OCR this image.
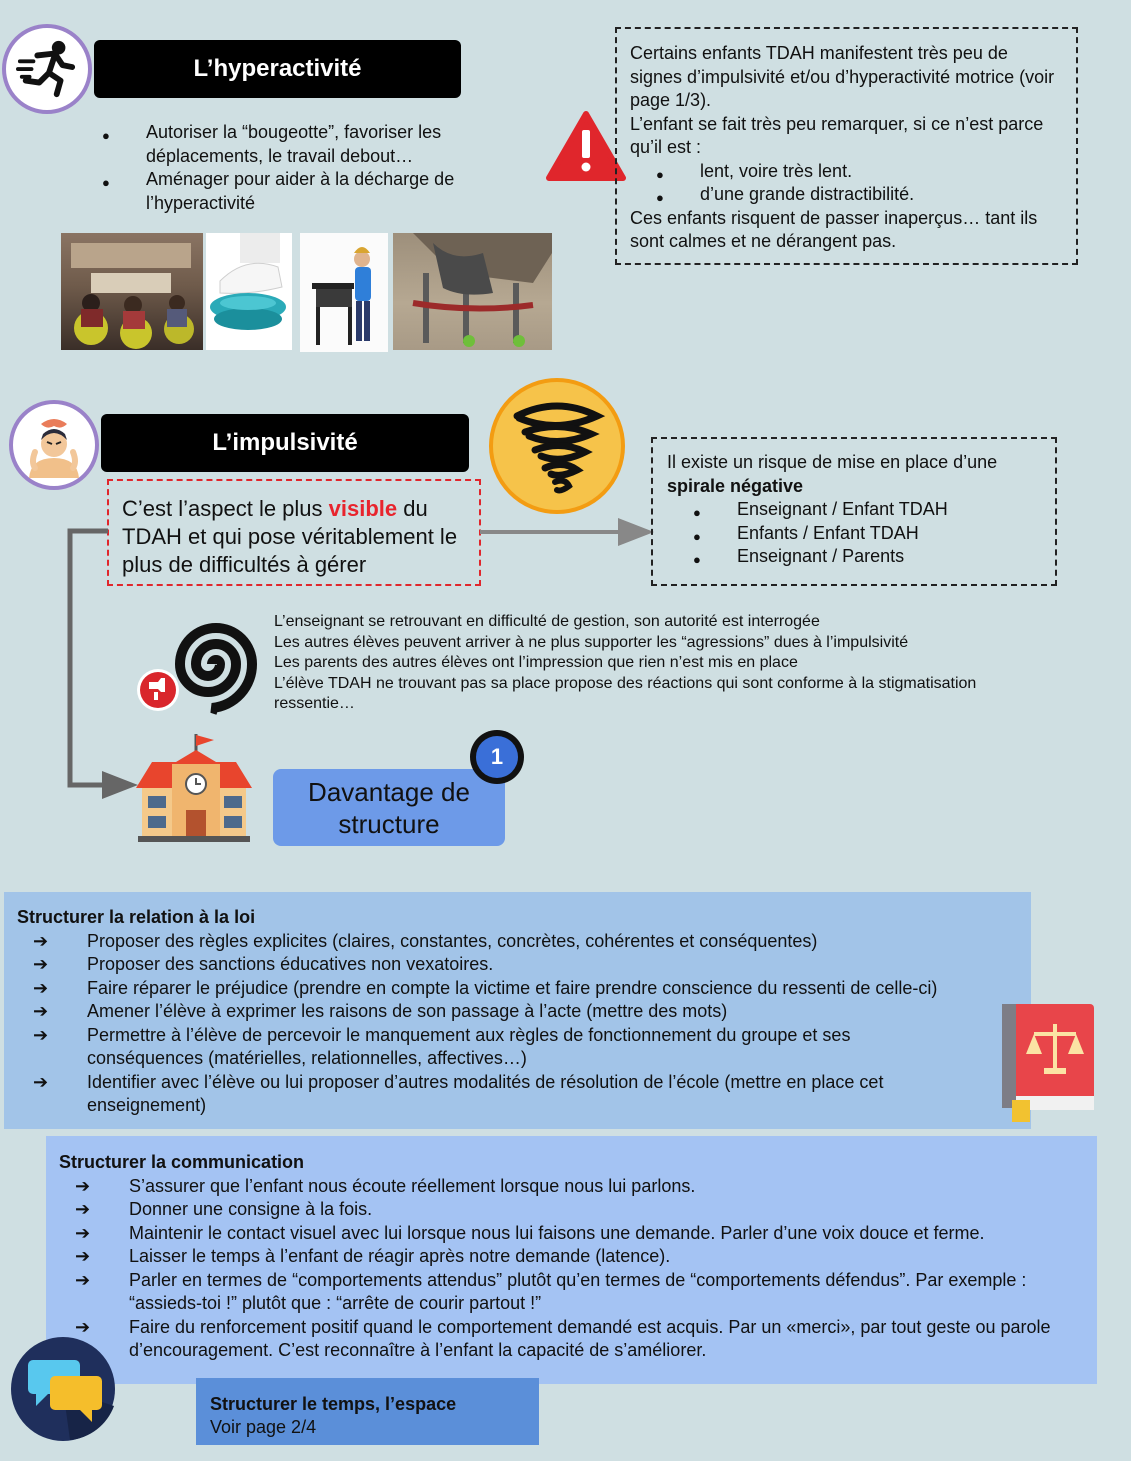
L’hyperactivité
● Autoriser la “bougeotte”, favoriser les déplacements, le travail debout…
● Aménager pour aider à la décharge de l’hyperactivité
Certains enfants TDAH manifestent très peu de signes d’impulsivité et/ou d’hyperactivité motrice (voir page 1/3).
L’enfant se fait très peu remarquer, si ce n’est parce qu’il est :
● lent, voire très lent.
● d’une grande distractibilité.
Ces enfants risquent de passer inaperçus… tant ils sont calmes et ne dérangent pas.
L’impulsivité
C’est l’aspect le plus visible du TDAH et qui pose véritablement le plus de difficultés à gérer
Il existe un risque de mise en place d’une
spirale négative
● Enseignant / Enfant TDAH
● Enfants / Enfant TDAH
● Enseignant / Parents
L’enseignant se retrouvant en difficulté de gestion, son autorité est interrogée
Les autres élèves peuvent arriver à ne plus supporter les “agressions” dues à l’impulsivité
Les parents des autres élèves ont l’impression que rien n’est mis en place
L’élève TDAH ne trouvant pas sa place propose des réactions qui sont conforme à la stigmatisation ressentie…
Davantage de structure
1
Structurer la relation à la loi
➔ Proposer des règles explicites (claires, constantes, concrètes, cohérentes et conséquentes)
➔ Proposer des sanctions éducatives non vexatoires.
➔ Faire réparer le préjudice (prendre en compte la victime et faire prendre conscience du ressenti de celle-ci)
➔ Amener l’élève à exprimer les raisons de son passage à l’acte (mettre des mots)
➔ Permettre à l’élève de percevoir le manquement aux règles de fonctionnement du groupe et ses conséquences (matérielles, relationnelles, affectives…)
➔ Identifier avec l’élève ou lui proposer d’autres modalités de résolution de l’école (mettre en place cet enseignement)
Structurer la communication
➔ S’assurer que l’enfant nous écoute réellement lorsque nous lui parlons.
➔ Donner une consigne à la fois.
➔ Maintenir le contact visuel avec lui lorsque nous lui faisons une demande. Parler d’une voix douce et ferme.
➔ Laisser le temps à l’enfant de réagir après notre demande (latence).
➔ Parler en termes de “comportements attendus” plutôt qu’en termes de “comportements défendus”. Par exemple : “assieds-toi !” plutôt que : “arrête de courir partout !”
➔ Faire du renforcement positif quand le comportement demandé est acquis. Par un «merci», par tout geste ou parole d’encouragement. C’est reconnaître à l’enfant la capacité de s’améliorer.
Structurer le temps, l’espace
Voir page 2/4
